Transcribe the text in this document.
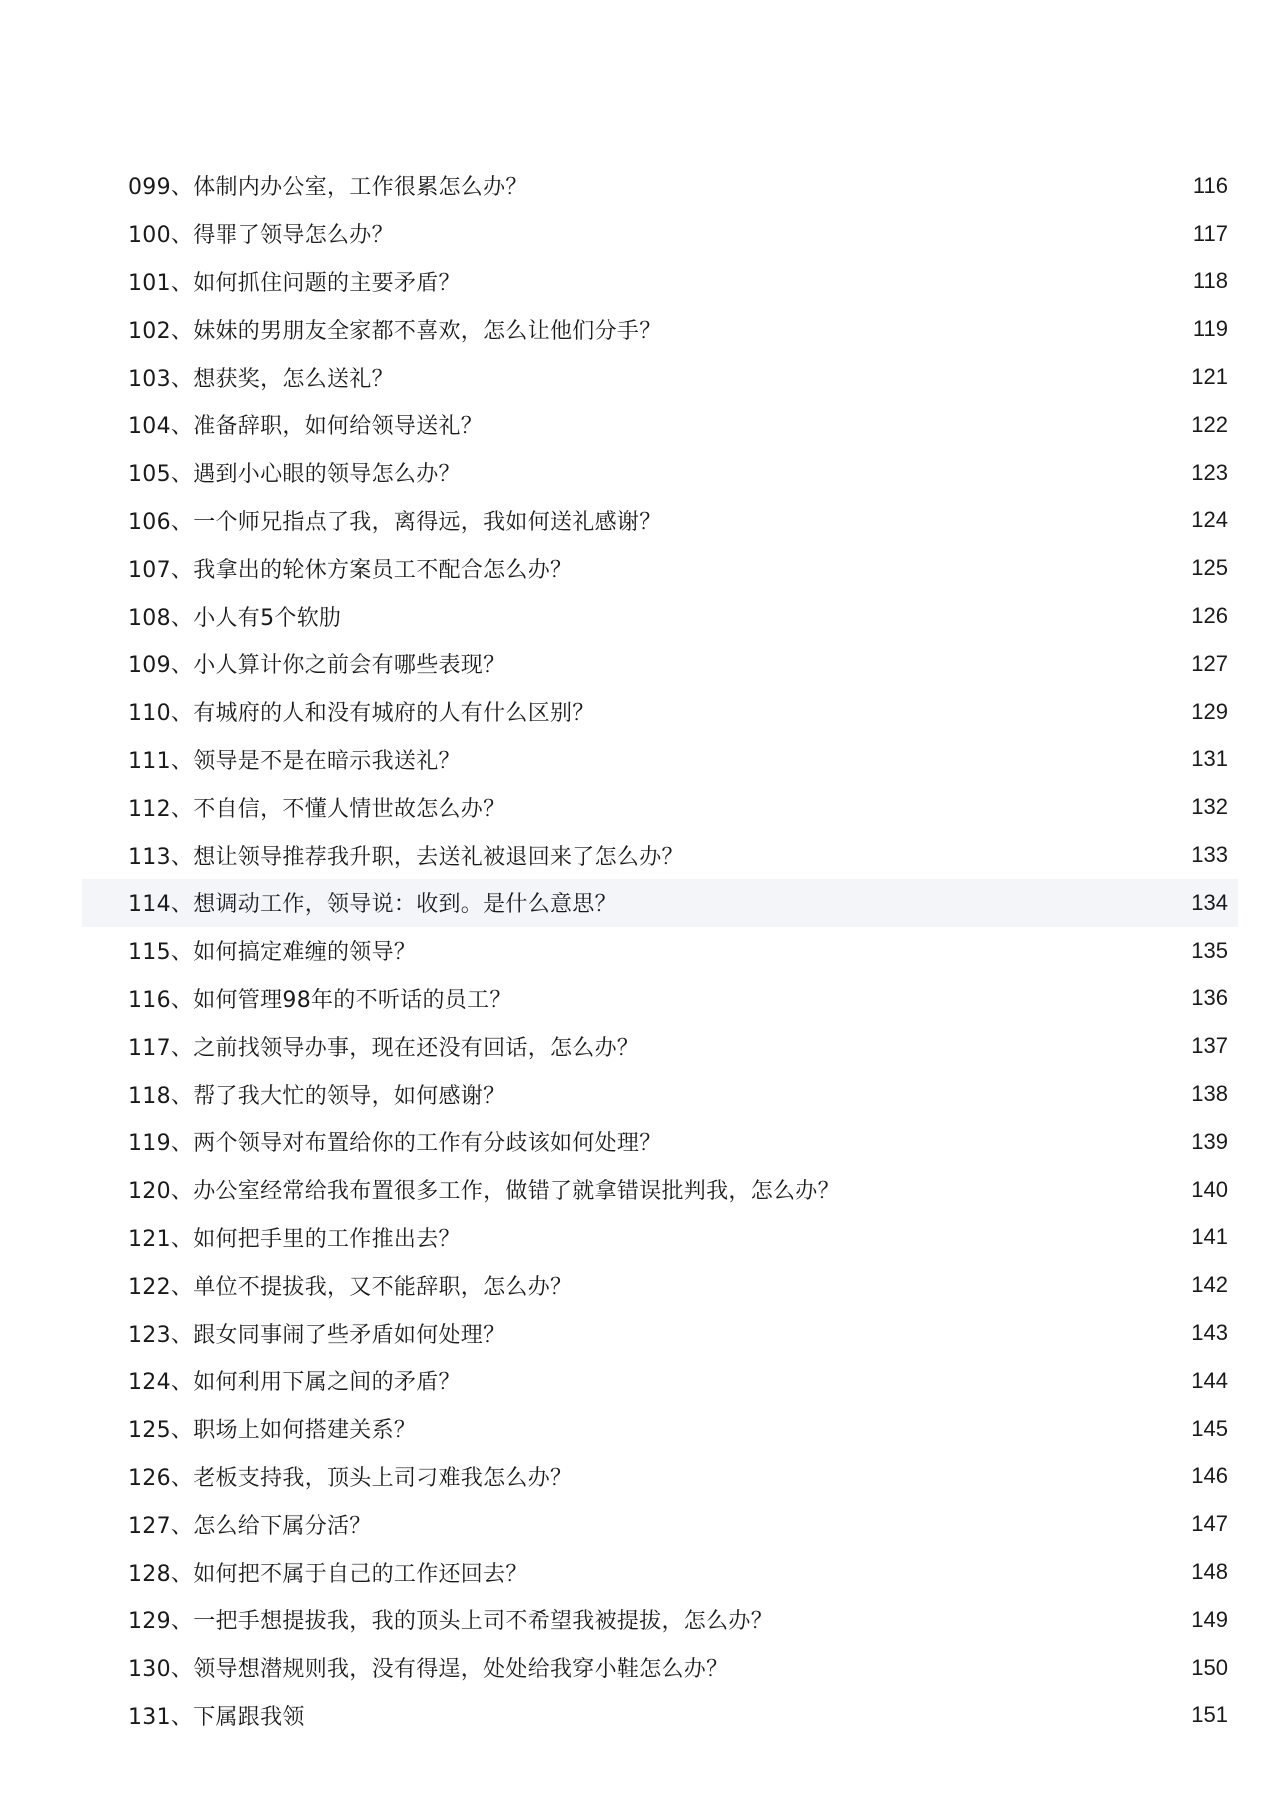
099、体制内办公室，工作很累怎么办？	116
100、得罪了领导怎么办？	117
101、如何抓住问题的主要矛盾？	118
102、妹妹的男朋友全家都不喜欢，怎么让他们分手？	119
103、想获奖，怎么送礼？	121
104、准备辞职，如何给领导送礼？	122
105、遇到小心眼的领导怎么办？	123
106、一个师兄指点了我，离得远，我如何送礼感谢？	124
107、我拿出的轮休方案员工不配合怎么办？	125
108、小人有5个软肋	126
109、小人算计你之前会有哪些表现？	127
110、有城府的人和没有城府的人有什么区别？	129
111、领导是不是在暗示我送礼？	131
112、不自信，不懂人情世故怎么办？	132
113、想让领导推荐我升职，去送礼被退回来了怎么办？	133
114、想调动工作，领导说：收到。是什么意思？	134
115、如何搞定难缠的领导？	135
116、如何管理98年的不听话的员工？	136
117、之前找领导办事，现在还没有回话，怎么办？	137
118、帮了我大忙的领导，如何感谢？	138
119、两个领导对布置给你的工作有分歧该如何处理？	139
120、办公室经常给我布置很多工作，做错了就拿错误批判我，怎么办？	140
121、如何把手里的工作推出去？	141
122、单位不提拔我，又不能辞职，怎么办？	142
123、跟女同事闹了些矛盾如何处理？	143
124、如何利用下属之间的矛盾？	144
125、职场上如何搭建关系？	145
126、老板支持我，顶头上司刁难我怎么办？	146
127、怎么给下属分活？	147
128、如何把不属于自己的工作还回去？	148
129、一把手想提拔我，我的顶头上司不希望我被提拔，怎么办？	149
130、领导想潜规则我，没有得逞，处处给我穿小鞋怎么办？	150
131、下属跟我领	151
